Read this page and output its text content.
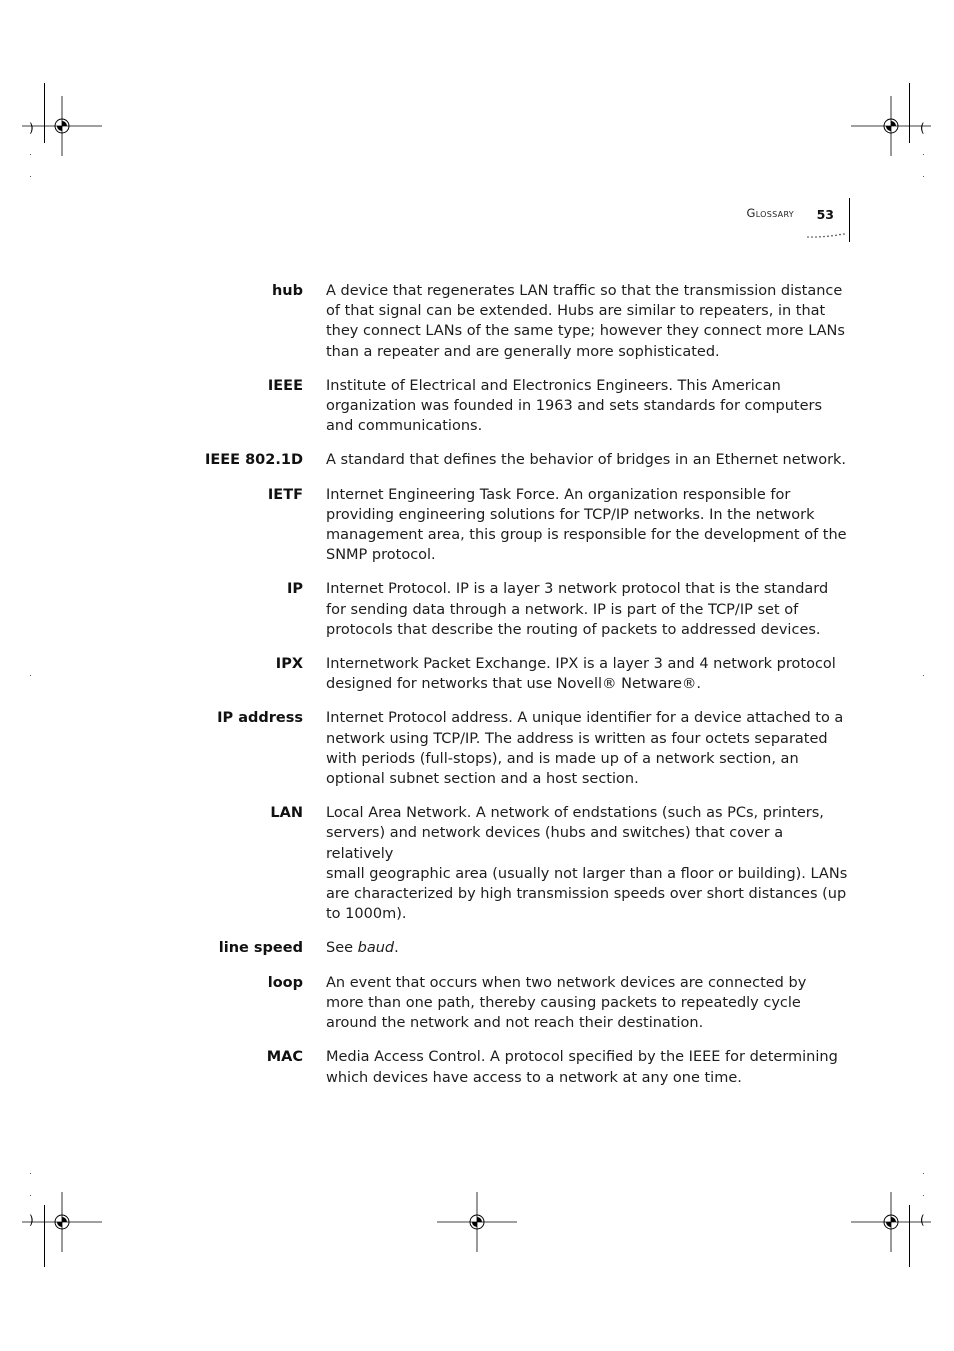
)	(
)	(
Glossary 53
hub A device that regenerates LAN traffic so that the transmission distance
of that signal can be extended. Hubs are similar to repeaters, in that
they connect LANs of the same type; however they connect more LANs
than a repeater and are generally more sophisticated.
IEEE Institute of Electrical and Electronics Engineers. This American
organization was founded in 1963 and sets standards for computers
and communications.
IEEE 802.1D A standard that defines the behavior of bridges in an Ethernet network.
IETF Internet Engineering Task Force. An organization responsible for
providing engineering solutions for TCP/IP networks. In the network
management area, this group is responsible for the development of the
SNMP protocol.
IP Internet Protocol. IP is a layer 3 network protocol that is the standard
for sending data through a network. IP is part of the TCP/IP set of
protocols that describe the routing of packets to addressed devices.
IPX Internetwork Packet Exchange. IPX is a layer 3 and 4 network protocol
designed for networks that use Novell® Netware®.
IP address Internet Protocol address. A unique identifier for a device attached to a
network using TCP/IP. The address is written as four octets separated
with periods (full-stops), and is made up of a network section, an
optional subnet section and a host section.
LAN Local Area Network. A network of endstations (such as PCs, printers,
servers) and network devices (hubs and switches) that cover a relatively
small geographic area (usually not larger than a floor or building). LANs
are characterized by high transmission speeds over short distances (up
to 1000m).
line speed See baud.
loop An event that occurs when two network devices are connected by
more than one path, thereby causing packets to repeatedly cycle
around the network and not reach their destination.
MAC Media Access Control. A protocol specified by the IEEE for determining
which devices have access to a network at any one time.
